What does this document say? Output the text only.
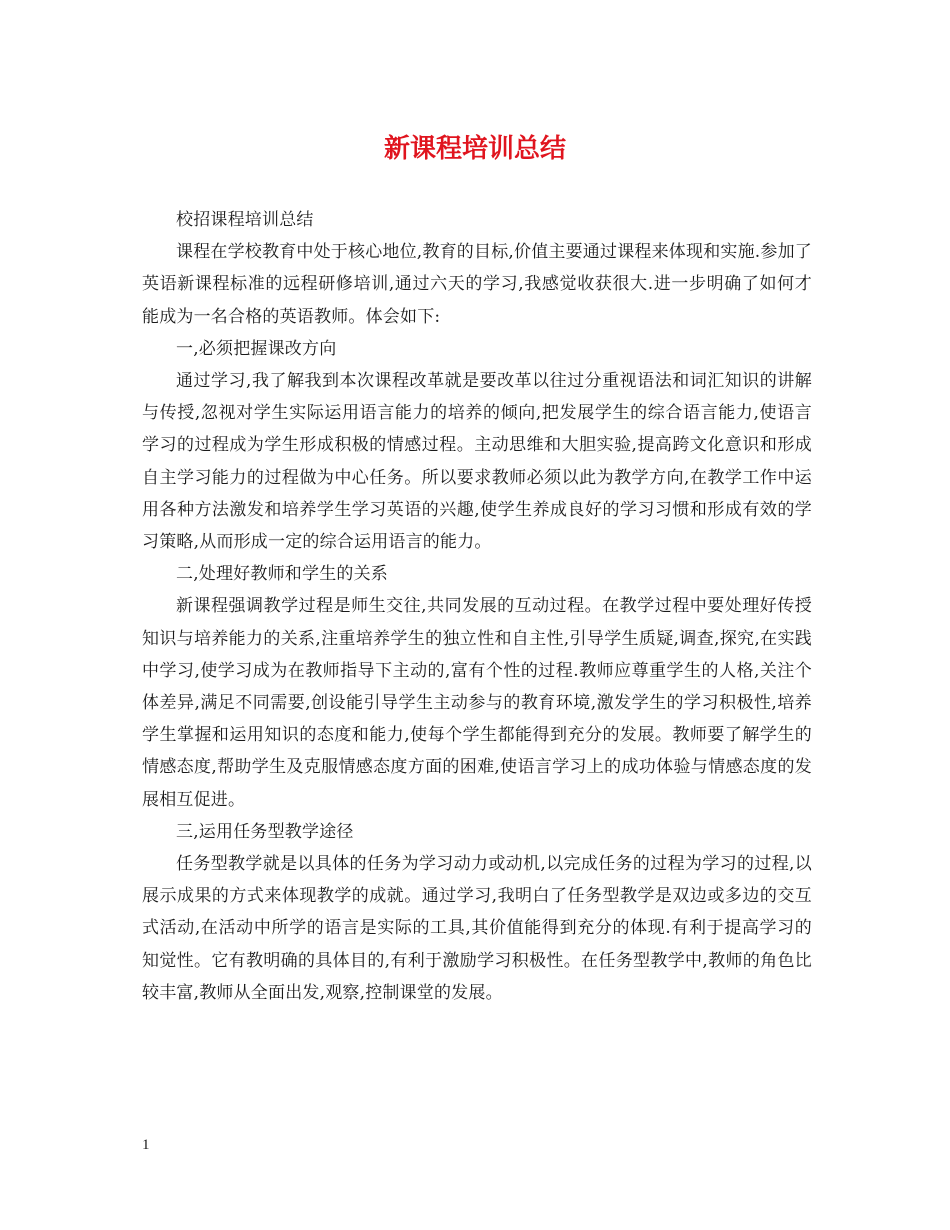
新课程培训总结

校招课程培训总结

课程在学校教育中处于核心地位,教育的目标,价值主要通过课程来体现和实施.参加了英语新课程标准的远程研修培训,通过六天的学习,我感觉收获很大.进一步明确了如何才能成为一名合格的英语教师。体会如下:

一,必须把握课改方向

通过学习,我了解我到本次课程改革就是要改革以往过分重视语法和词汇知识的讲解与传授,忽视对学生实际运用语言能力的培养的倾向,把发展学生的综合语言能力,使语言学习的过程成为学生形成积极的情感过程。主动思维和大胆实验,提高跨文化意识和形成自主学习能力的过程做为中心任务。所以要求教师必须以此为教学方向,在教学工作中运用各种方法激发和培养学生学习英语的兴趣,使学生养成良好的学习习惯和形成有效的学习策略,从而形成一定的综合运用语言的能力。

二,处理好教师和学生的关系

新课程强调教学过程是师生交往,共同发展的互动过程。在教学过程中要处理好传授知识与培养能力的关系,注重培养学生的独立性和自主性,引导学生质疑,调查,探究,在实践中学习,使学习成为在教师指导下主动的,富有个性的过程.教师应尊重学生的人格,关注个体差异,满足不同需要,创设能引导学生主动参与的教育环境,激发学生的学习积极性,培养学生掌握和运用知识的态度和能力,使每个学生都能得到充分的发展。教师要了解学生的情感态度,帮助学生及克服情感态度方面的困难,使语言学习上的成功体验与情感态度的发展相互促进。

三,运用任务型教学途径

任务型教学就是以具体的任务为学习动力或动机,以完成任务的过程为学习的过程,以展示成果的方式来体现教学的成就。通过学习,我明白了任务型教学是双边或多边的交互式活动,在活动中所学的语言是实际的工具,其价值能得到充分的体现.有利于提高学习的知觉性。它有教明确的具体目的,有利于激励学习积极性。在任务型教学中,教师的角色比较丰富,教师从全面出发,观察,控制课堂的发展。

1
